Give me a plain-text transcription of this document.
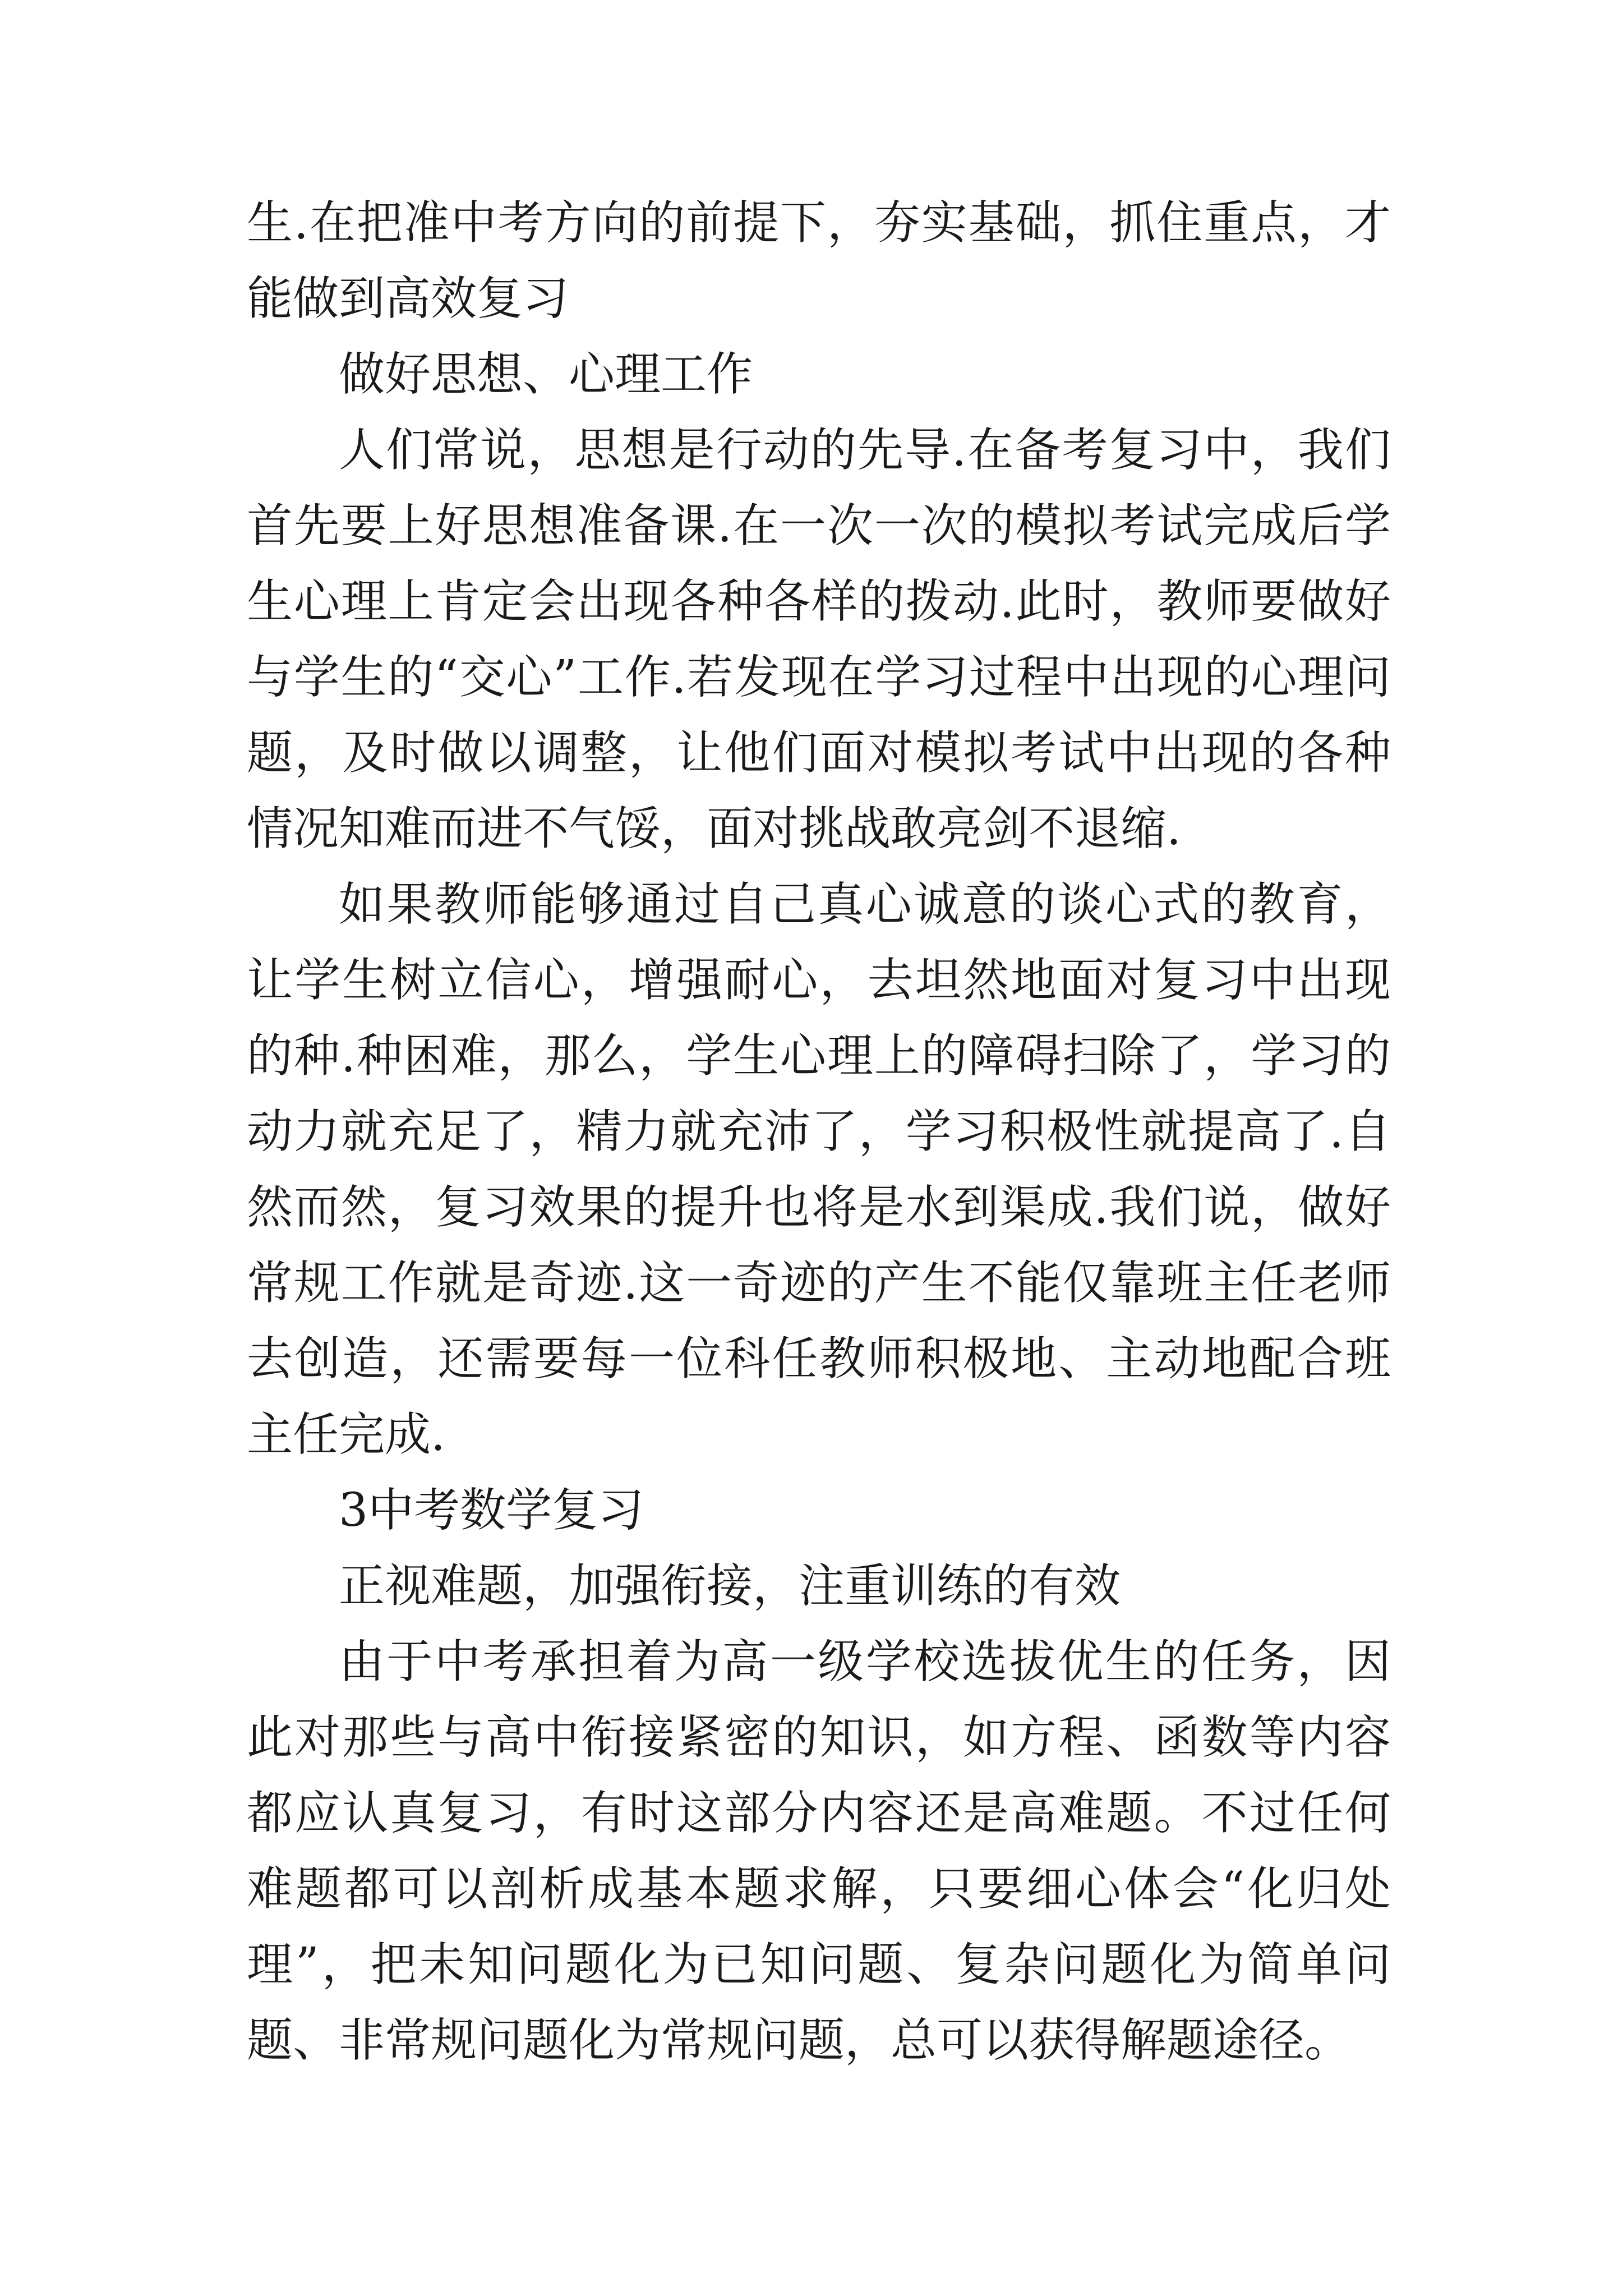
生.在把准中考方向的前提下，夯实基础，抓住重点，才能做到高效复习

做好思想、心理工作

人们常说，思想是行动的先导.在备考复习中，我们首先要上好思想准备课.在一次一次的模拟考试完成后学生心理上肯定会出现各种各样的拨动.此时，教师要做好与学生的“交心”工作.若发现在学习过程中出现的心理问题，及时做以调整，让他们面对模拟考试中出现的各种情况知难而进不气馁，面对挑战敢亮剑不退缩.

如果教师能够通过自己真心诚意的谈心式的教育，让学生树立信心，增强耐心，去坦然地面对复习中出现的种.种困难，那么，学生心理上的障碍扫除了，学习的动力就充足了，精力就充沛了，学习积极性就提高了.自然而然，复习效果的提升也将是水到渠成.我们说，做好常规工作就是奇迹.这一奇迹的产生不能仅靠班主任老师去创造，还需要每一位科任教师积极地、主动地配合班主任完成.

3中考数学复习

正视难题，加强衔接，注重训练的有效

由于中考承担着为高一级学校选拔优生的任务，因此对那些与高中衔接紧密的知识，如方程、函数等内容都应认真复习，有时这部分内容还是高难题。不过任何难题都可以剖析成基本题求解，只要细心体会“化归处理”，把未知问题化为已知问题、复杂问题化为简单问题、非常规问题化为常规问题，总可以获得解题途径。
